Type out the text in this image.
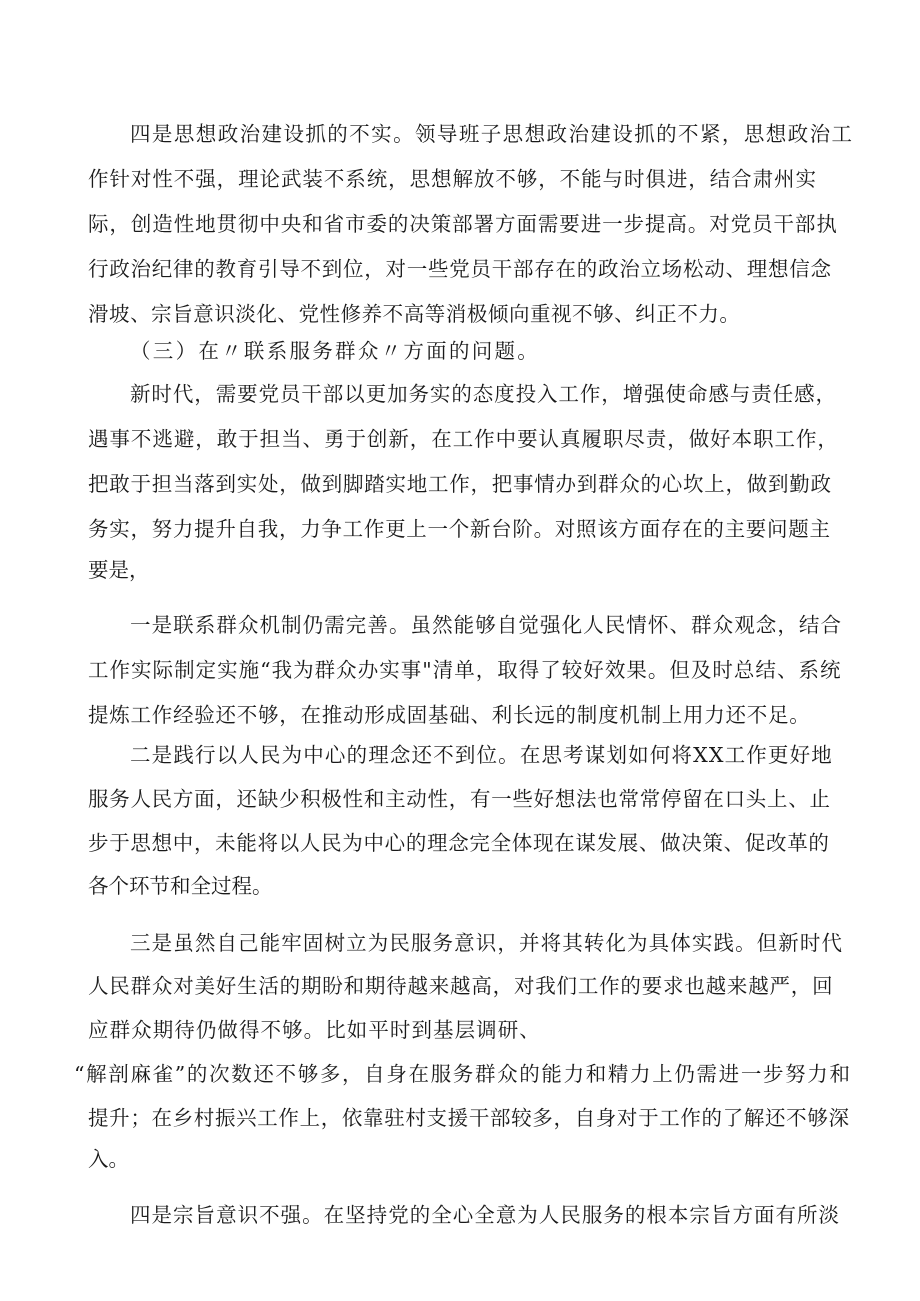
四 是 思 想 政 治 建 设 抓 的 不 实 。 领 导 班 子 思 想 政 治 建 设 抓 的 不 紧 ， 思 想 政 治 工
作 针 对 性 不 强 ， 理 论 武 装 不 系 统 ， 思 想 解 放 不 够 ， 不 能 与 时 俱 进 ， 结 合 肃 州 实
际 ， 创 造 性 地 贯 彻 中 央 和 省 市 委 的 决 策 部 署 方 面 需 要 进 一 步 提 高 。 对 党 员 干 部 执
行 政 治 纪 律 的 教 育 引 导 不 到 位 ， 对 一 些 党 员 干 部 存 在 的 政 治 立 场 松 动 、 理 想 信 念
滑 坡 、 宗 旨 意 识 淡 化 、 党 性 修 养 不 高 等 消 极 倾 向 重 视 不 够 、 纠 正 不 力 。
（ 三 ） 在 〃 联 系 服 务 群 众 〃 方 面 的 问 题 。
新 时 代 ， 需 要 党 员 干 部 以 更 加 务 实 的 态 度 投 入 工 作 ， 增 强 使 命 感 与 责 任 感 ，
遇 事 不 逃 避 ， 敢 于 担 当 、 勇 于 创 新 ， 在 工 作 中 要 认 真 履 职 尽 责 ， 做 好 本 职 工 作 ，
把 敢 于 担 当 落 到 实 处 ， 做 到 脚 踏 实 地 工 作 ， 把 事 情 办 到 群 众 的 心 坎 上 ， 做 到 勤 政
务 实 ， 努 力 提 升 自 我 ， 力 争 工 作 更 上 一 个 新 台 阶 。 对 照 该 方 面 存 在 的 主 要 问 题 主
要是，
一 是 联 系 群 众 机 制 仍 需 完 善 。 虽 然 能 够 自 觉 强 化 人 民 情 怀 、 群 众 观 念 ， 结 合
工 作 实 际 制 定 实 施 “ 我 为 群 众 办 实 事 " 清 单 ， 取 得 了 较 好 效 果 。 但 及 时 总 结 、 系 统
提 炼 工 作 经 验 还 不 够 ， 在 推 动 形 成 固 基 础 、 利 长 远 的 制 度 机 制 上 用 力 还 不 足 。
二 是 践 行 以 人 民 为 中 心 的 理 念 还 不 到 位 。 在 思 考 谋 划 如 何 将 X X 工 作 更 好 地
服 务 人 民 方 面 ， 还 缺 少 积 极 性 和 主 动 性 ， 有 一 些 好 想 法 也 常 常 停 留 在 口 头 上 、 止
步 于 思 想 中 ， 未 能 将 以 人 民 为 中 心 的 理 念 完 全 体 现 在 谋 发 展 、 做 决 策 、 促 改 革 的
各个环节和全过程。
三 是 虽 然 自 己 能 牢 固 树 立 为 民 服 务 意 识 ， 并 将 其 转 化 为 具 体 实 践 。 但 新 时 代
人 民 群 众 对 美 好 生 活 的 期 盼 和 期 待 越 来 越 高 ， 对 我 们 工 作 的 要 求 也 越 来 越 严 ， 回
应 群 众 期 待 仍 做 得 不 够 。 比 如 平 时 到 基 层 调 研 、
“ 解 剖 麻 雀 ” 的 次 数 还 不 够 多 ， 自 身 在 服 务 群 众 的 能 力 和 精 力 上 仍 需 进 一 步 努 力 和
提 升 ； 在 乡 村 振 兴 工 作 上 ， 依 靠 驻 村 支 援 干 部 较 多 ， 自 身 对 于 工 作 的 了 解 还 不 够 深
入。
四 是 宗 旨 意 识 不 强 。 在 坚 持 党 的 全 心 全 意 为 人 民 服 务 的 根 本 宗 旨 方 面 有 所 淡
